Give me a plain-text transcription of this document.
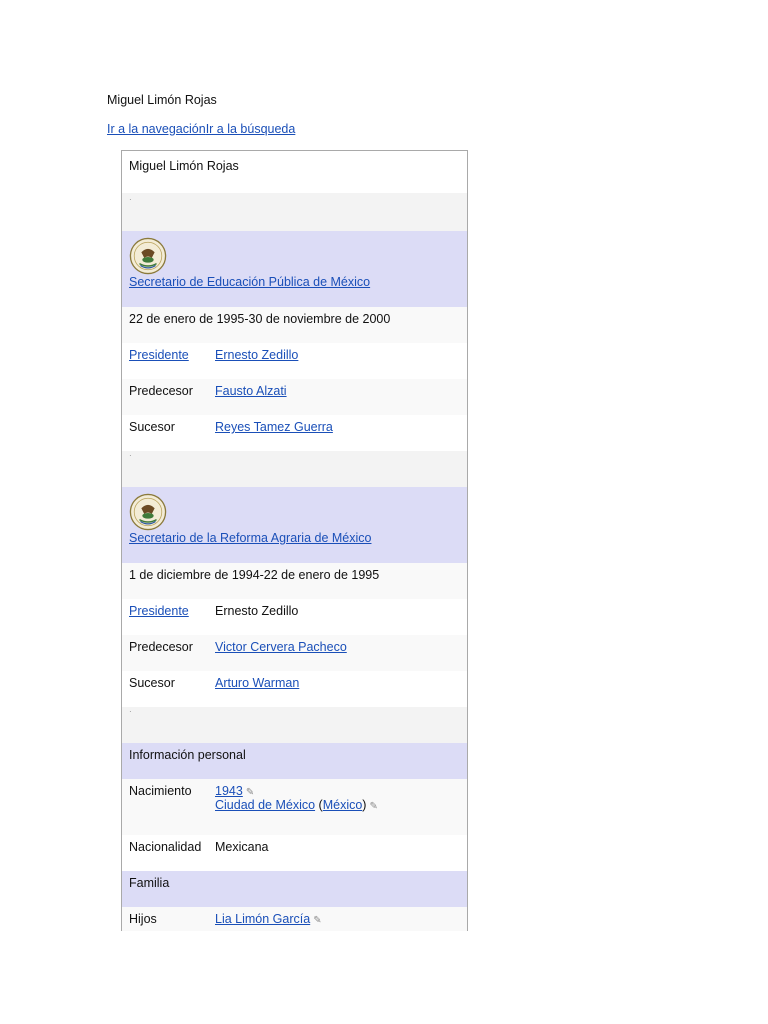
Miguel Limón Rojas
Ir a la navegaciónIr a la búsqueda
Miguel Limón Rojas
·
Secretario de Educación Pública de México
22 de enero de 1995-30 de noviembre de 2000
Presidente Ernesto Zedillo
Predecesor Fausto Alzati
Sucesor	Reyes Tamez Guerra
·
Secretario de la Reforma Agraria de México
1 de diciembre de 1994-22 de enero de 1995
Presidente Ernesto Zedillo
Predecesor Victor Cervera Pacheco
Sucesor	Arturo Warman
·
Información personal
Nacimiento 1943 ✎
Ciudad de México (México) ✎
Nacionalidad Mexicana
Familia
Hijos	Lia Limón García ✎
